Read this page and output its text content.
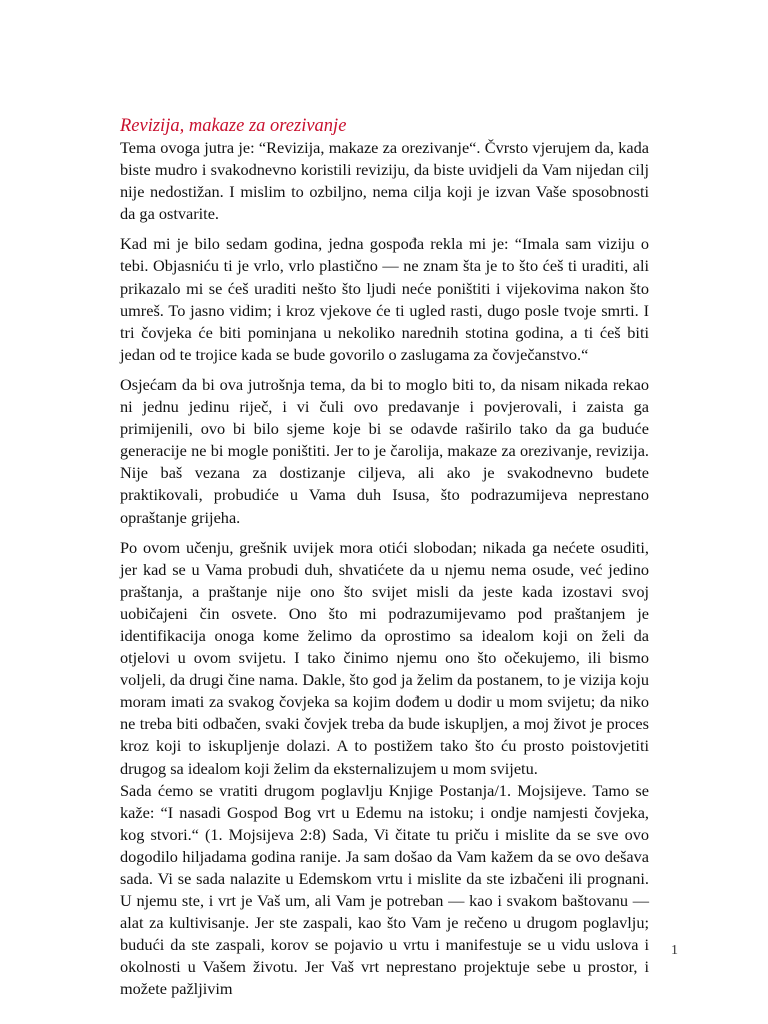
Revizija, makaze za orezivanje

Tema ovoga jutra je: “Revizija, makaze za orezivanje“. Čvrsto vjerujem da, kada biste mudro i svakodnevno koristili reviziju, da biste uvidjeli da Vam nijedan cilj nije nedostižan. I mislim to ozbiljno, nema cilja koji je izvan Vaše sposobnosti da ga ostvarite.

Kad mi je bilo sedam godina, jedna gospođa rekla mi je: “Imala sam viziju o tebi. Objasniću ti je vrlo, vrlo plastično — ne znam šta je to što ćeš ti uraditi, ali prikazalo mi se ćeš uraditi nešto što ljudi neće poništiti i vijekovima nakon što umreš. To jasno vidim; i kroz vjekove će ti ugled rasti, dugo posle tvoje smrti. I tri čovjeka će biti pominjana u nekoliko narednih stotina godina, a ti ćeš biti jedan od te trojice kada se bude govorilo o zaslugama za čovječanstvo.“

Osjećam da bi ova jutrošnja tema, da bi to moglo biti to, da nisam nikada rekao ni jednu jedinu riječ, i vi čuli ovo predavanje i povjerovali, i zaista ga primijenili, ovo bi bilo sjeme koje bi se odavde raširilo tako da ga buduće generacije ne bi mogle poništiti. Jer to je čarolija, makaze za orezivanje, revizija. Nije baš vezana za dostizanje ciljeva, ali ako je svakodnevno budete praktikovali, probudiće u Vama duh Isusa, što podrazumijeva neprestano opraštanje grijeha.

Po ovom učenju, grešnik uvijek mora otići slobodan; nikada ga nećete osuditi, jer kad se u Vama probudi duh, shvatićete da u njemu nema osude, već jedino praštanja, a praštanje nije ono što svijet misli da jeste kada izostavi svoj uobičajeni čin osvete. Ono što mi podrazumijevamo pod praštanjem je identifikacija onoga kome želimo da oprostimo sa idealom koji on želi da otjelovi u ovom svijetu. I tako činimo njemu ono što očekujemo, ili bismo voljeli, da drugi čine nama. Dakle, što god ja želim da postanem, to je vizija koju moram imati za svakog čovjeka sa kojim dođem u dodir u mom svijetu; da niko ne treba biti odbačen, svaki čovjek treba da bude iskupljen, a moj život je proces kroz koji to iskupljenje dolazi. A to postižem tako što ću prosto poistovjetiti drugog sa idealom koji želim da eksternalizujem u mom svijetu.

Sada ćemo se vratiti drugom poglavlju Knjige Postanja/1. Mojsijeve. Tamo se kaže: “I nasadi Gospod Bog vrt u Edemu na istoku; i ondje namjesti čovjeka, kog stvori.“ (1. Mojsijeva 2:8) Sada, Vi čitate tu priču i mislite da se sve ovo dogodilo hiljadama godina ranije. Ja sam došao da Vam kažem da se ovo dešava sada. Vi se sada nalazite u Edemskom vrtu i mislite da ste izbačeni ili prognani. U njemu ste, i vrt je Vaš um, ali Vam je potreban — kao i svakom baštovanu — alat za kultivisanje. Jer ste zaspali, kao što Vam je rečeno u drugom poglavlju; budući da ste zaspali, korov se pojavio u vrtu i manifestuje se u vidu uslova i okolnosti u Vašem životu. Jer Vaš vrt neprestano projektuje sebe u prostor, i možete pažljivim

1
